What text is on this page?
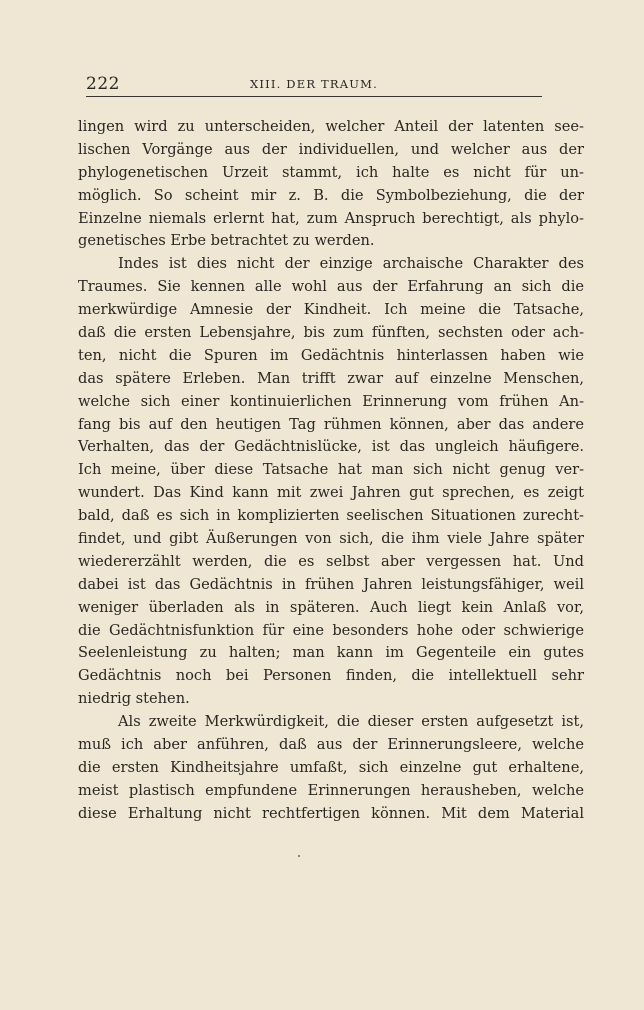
222	XIII. DER TRAUM.
lingen wird zu unterscheiden, welcher Anteil der latenten see-
lischen Vorgänge aus der individuellen, und welcher aus der
phylogenetischen Urzeit stammt, ich halte es nicht für un-
möglich. So scheint mir z. B. die Symbolbeziehung, die der
Einzelne niemals erlernt hat, zum Anspruch berechtigt, als phylo-
genetisches Erbe betrachtet zu werden.
Indes ist dies nicht der einzige archaische Charakter des
Traumes. Sie kennen alle wohl aus der Erfahrung an sich die
merkwürdige Amnesie der Kindheit. Ich meine die Tatsache,
daß die ersten Lebensjahre, bis zum fünften, sechsten oder ach-
ten, nicht die Spuren im Gedächtnis hinterlassen haben wie
das spätere Erleben. Man trifft zwar auf einzelne Menschen,
welche sich einer kontinuierlichen Erinnerung vom frühen An-
fang bis auf den heutigen Tag rühmen können, aber das andere
Verhalten, das der Gedächtnislücke, ist das ungleich häufigere.
Ich meine, über diese Tatsache hat man sich nicht genug ver-
wundert. Das Kind kann mit zwei Jahren gut sprechen, es zeigt
bald, daß es sich in komplizierten seelischen Situationen zurecht-
findet, und gibt Äußerungen von sich, die ihm viele Jahre später
wiedererzählt werden, die es selbst aber vergessen hat. Und
dabei ist das Gedächtnis in frühen Jahren leistungsfähiger, weil
weniger überladen als in späteren. Auch liegt kein Anlaß vor,
die Gedächtnisfunktion für eine besonders hohe oder schwierige
Seelenleistung zu halten; man kann im Gegenteile ein gutes
Gedächtnis noch bei Personen finden, die intellektuell sehr
niedrig stehen.
Als zweite Merkwürdigkeit, die dieser ersten aufgesetzt ist,
muß ich aber anführen, daß aus der Erinnerungsleere, welche
die ersten Kindheitsjahre umfaßt, sich einzelne gut erhaltene,
meist plastisch empfundene Erinnerungen herausheben, welche
diese Erhaltung nicht rechtfertigen können. Mit dem Material
